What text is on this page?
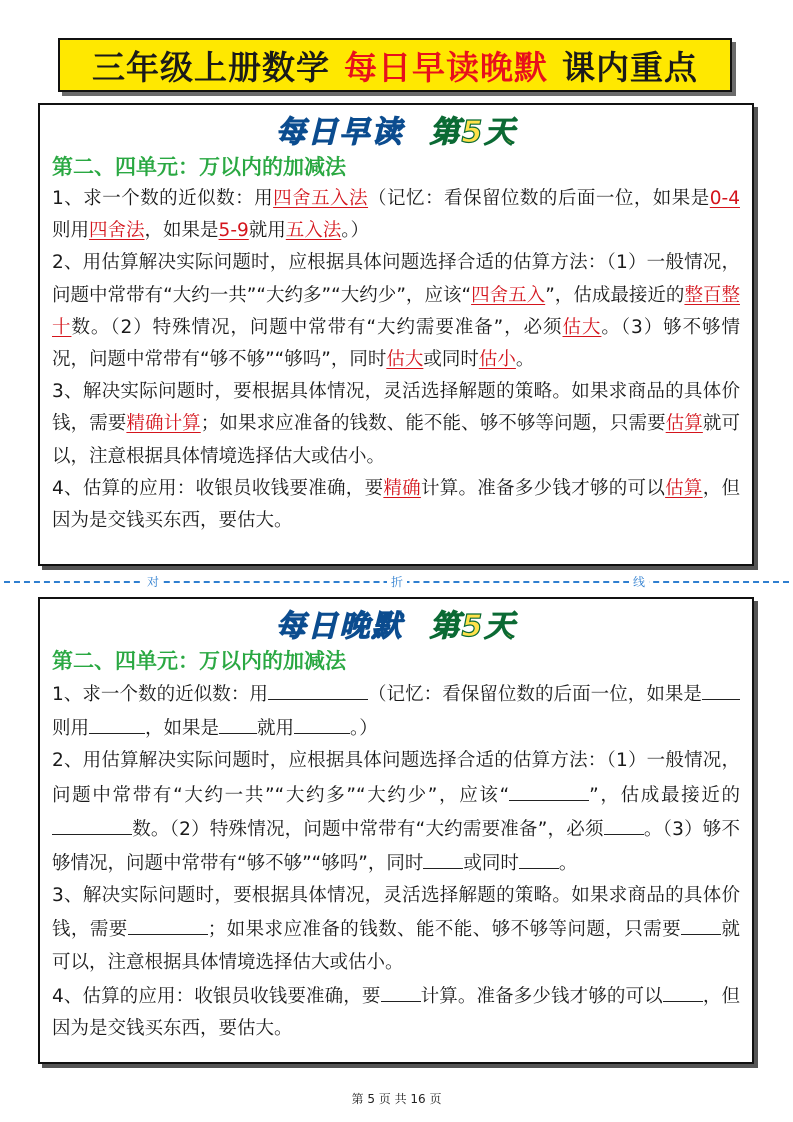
三年级上册数学 每日早读晚默 课内重点
每日早读 第5天
第二、四单元：万以内的加减法

1、求一个数的近似数：用四舍五入法（记忆：看保留位数的后面一位，如果是0-4则用四舍法，如果是5-9就用五入法。）

2、用估算解决实际问题时，应根据具体问题选择合适的估算方法：（1）一般情况，问题中常带有“大约一共”“大约多”“大约少”，应该“四舍五入”，估成最接近的整百整十数。（2）特殊情况，问题中常带有“大约需要准备”，必须估大。（3）够不够情况，问题中常带有“够不够”“够吗”，同时估大或同时估小。

3、解决实际问题时，要根据具体情况，灵活选择解题的策略。如果求商品的具体价钱，需要精确计算；如果求应准备的钱数、能不能、够不够等问题，只需要估算就可以，注意根据具体情境选择估大或估小。

4、估算的应用：收银员收钱要准确，要精确计算。准备多少钱才够的可以估算，但因为是交钱买东西，要估大。

对	折	线
每日晚默 第5天
第二、四单元：万以内的加减法

1、求一个数的近似数：用	（记忆：看保留位数的后面一位，如果是则用	，如果是 就用	。）

2、用估算解决实际问题时，应根据具体问题选择合适的估算方法：（1）一般情况，问题中常带有“大约一共”“大约多”“大约少”，应该“	”，估成最接近的数。（2）特殊情况，问题中常带有“大约需要准备”，必须 。（3）够不够情况，问题中常带有“够不够”“够吗”，同时 或同时 。

3、解决实际问题时，要根据具体情况，灵活选择解题的策略。如果求商品的具体价钱，需要	；如果求应准备的钱数、能不能、够不够等问题，只需要 就可以，注意根据具体情境选择估大或估小。

4、估算的应用：收银员收钱要准确，要 计算。准备多少钱才够的可以 ，但因为是交钱买东西，要估大。

第 5 页 共 16 页
